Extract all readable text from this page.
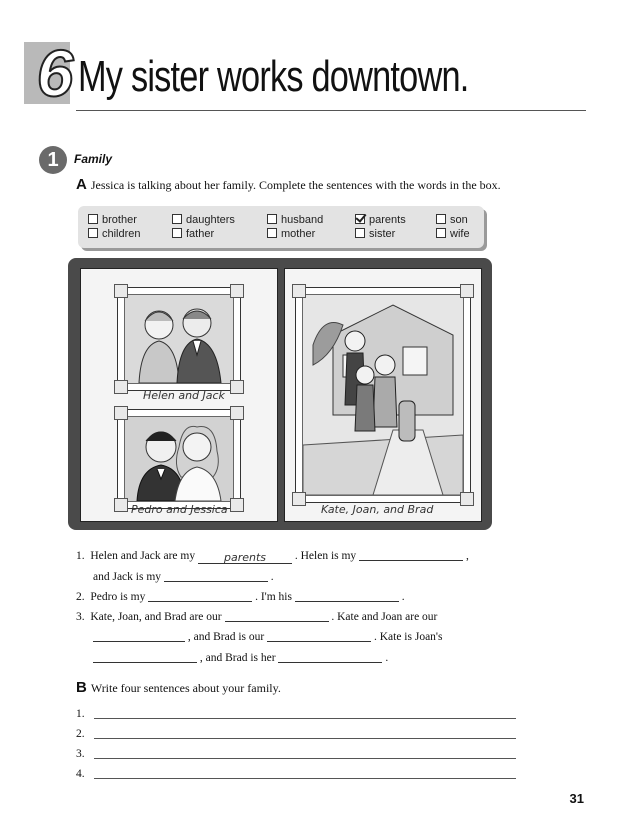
6 My sister works downtown.
1	Family
A Jessica is talking about her family. Complete the sentences with the words in the box.
brother	daughters	husband	parents	son
children	father	mother	sister	wife
Helen and Jack
Pedro and Jessica	Kate, Joan, and Brad
1. Helen and Jack are my	parents	. Helen is my	,
and Jack is my	.
2. Pedro is my	. I'm his	.
3. Kate, Joan, and Brad are our	. Kate and Joan are our
, and Brad is our	. Kate is Joan's
, and Brad is her	.
B Write four sentences about your family.
1.
2.
3.
4.
31
